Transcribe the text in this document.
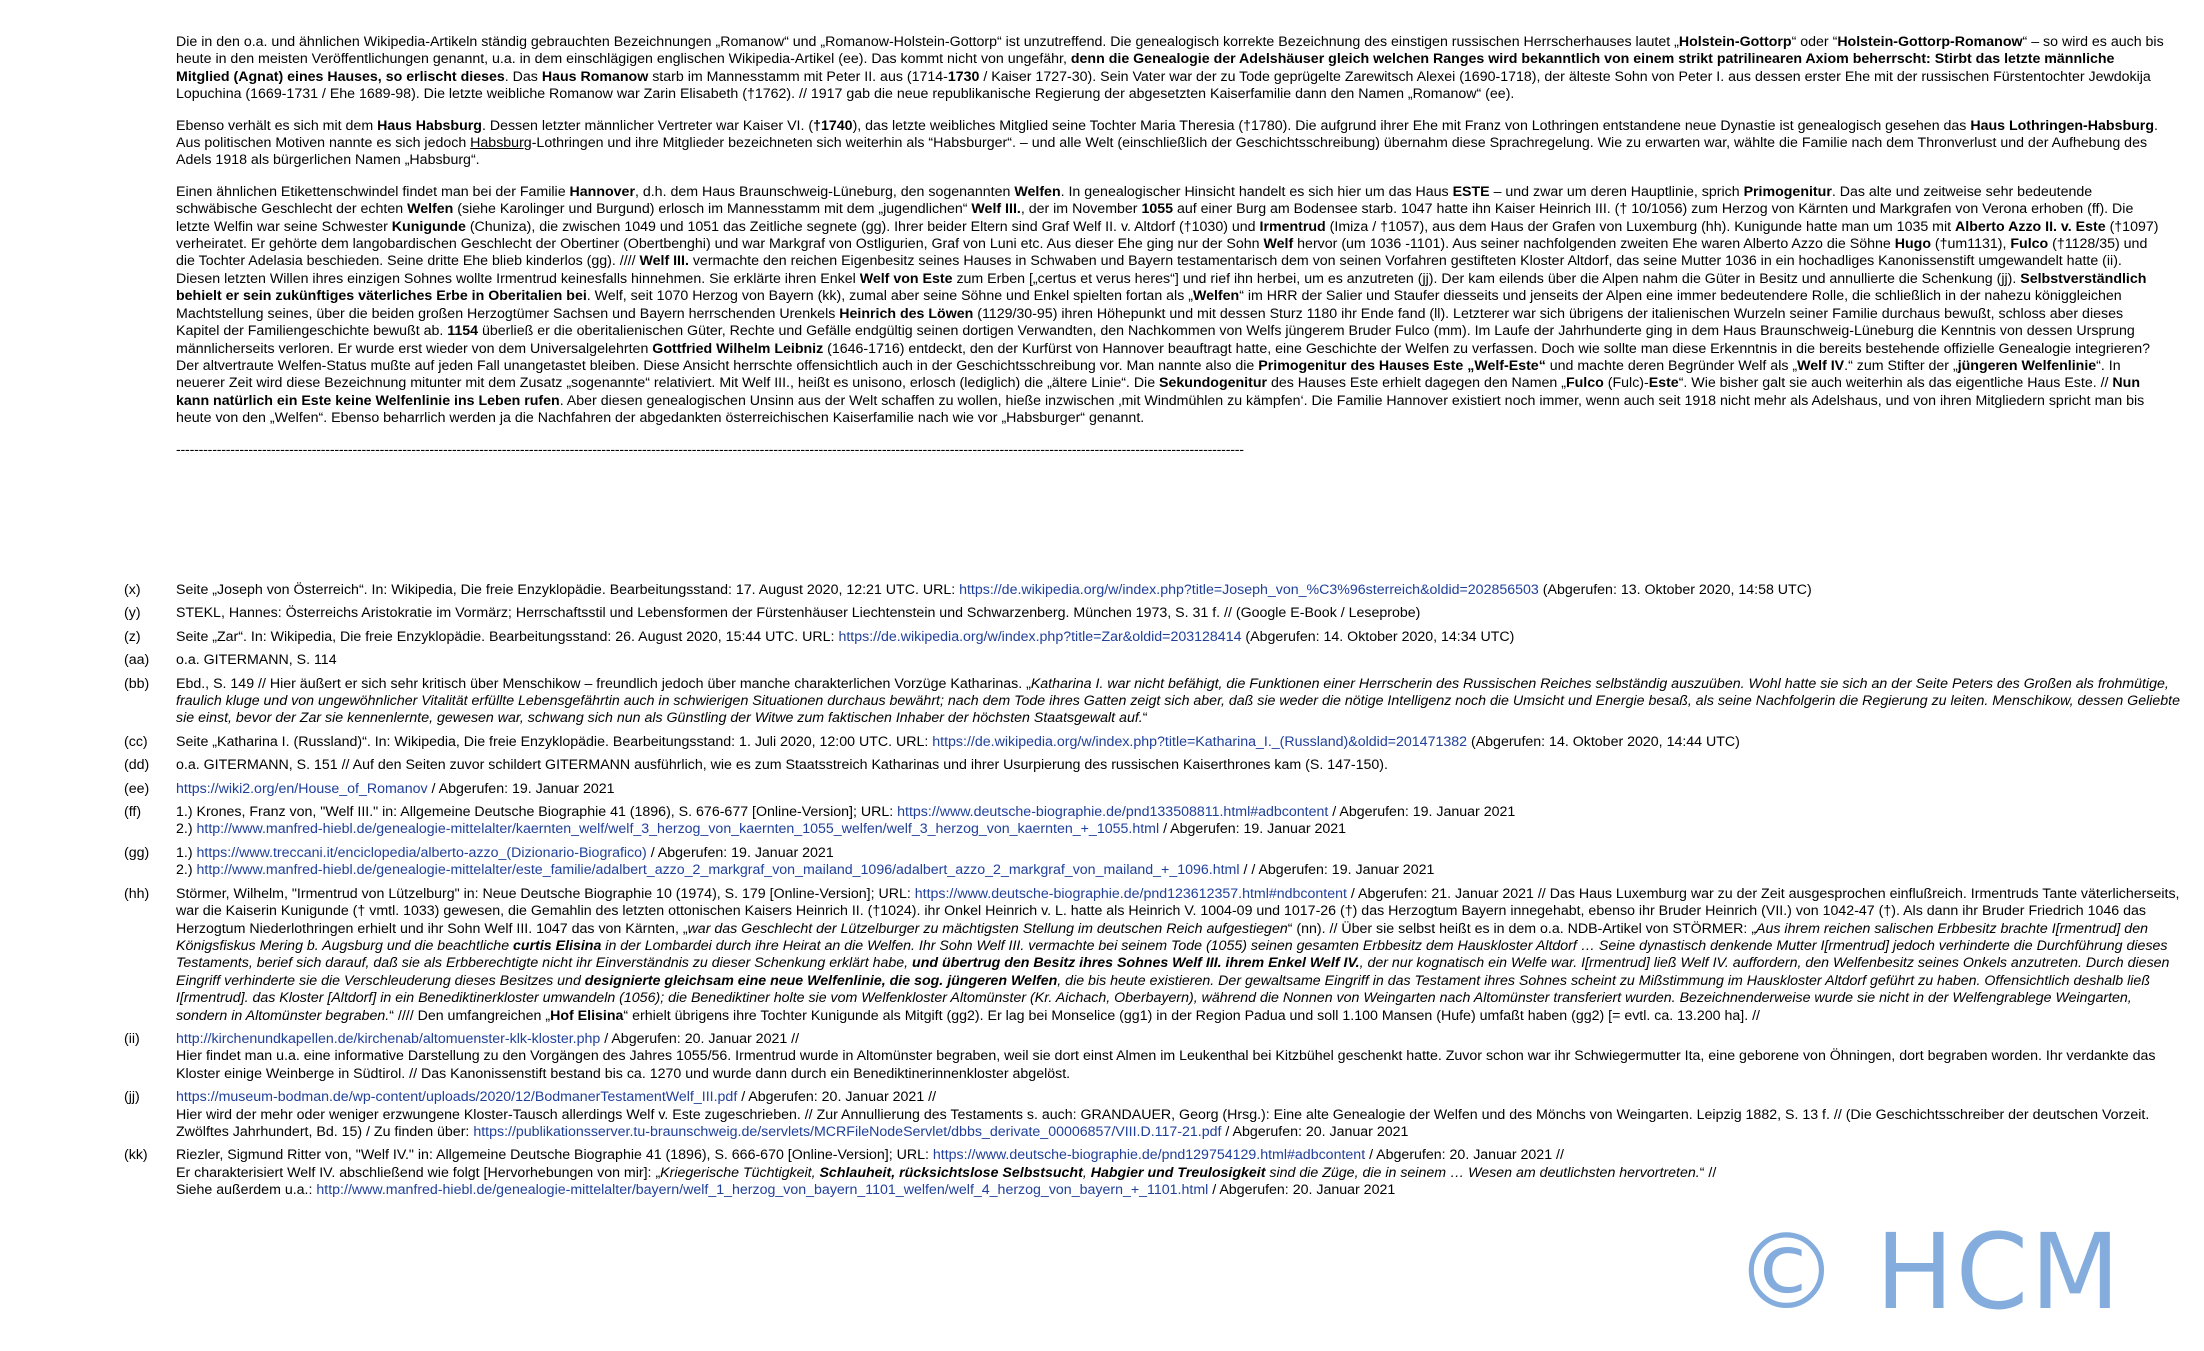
Die in den o.a. und ähnlichen Wikipedia-Artikeln ständig gebrauchten Bezeichnungen „Romanow“ und „Romanow-Holstein-Gottorp“ ist unzutreffend. Die genealogisch korrekte Bezeichnung des einstigen russischen Herrscherhauses lautet „Holstein-Gottorp“ oder “Holstein-Gottorp-Romanow“ – so wird es auch bis heute in den meisten Veröffentlichungen genannt, u.a. in dem einschlägigen englischen Wikipedia-Artikel (ee). Das kommt nicht von ungefähr, denn die Genealogie der Adelshäuser gleich welchen Ranges wird bekanntlich von einem strikt patrilinearen Axiom beherrscht: Stirbt das letzte männliche Mitglied (Agnat) eines Hauses, so erlischt dieses. Das Haus Romanow starb im Mannesstamm mit Peter II. aus (1714-1730 / Kaiser 1727-30). Sein Vater war der zu Tode geprügelte Zarewitsch Alexei (1690-1718), der älteste Sohn von Peter I. aus dessen erster Ehe mit der russischen Fürstentochter Jewdokija Lopuchina (1669-1731 / Ehe 1689-98). Die letzte weibliche Romanow war Zarin Elisabeth (†1762). // 1917 gab die neue republikanische Regierung der abgesetzten Kaiserfamilie dann den Namen „Romanow“ (ee).
Ebenso verhält es sich mit dem Haus Habsburg. Dessen letzter männlicher Vertreter war Kaiser VI. (†1740), das letzte weibliches Mitglied seine Tochter Maria Theresia (†1780). Die aufgrund ihrer Ehe mit Franz von Lothringen entstandene neue Dynastie ist genealogisch gesehen das Haus Lothringen-Habsburg. Aus politischen Motiven nannte es sich jedoch Habsburg-Lothringen und ihre Mitglieder bezeichneten sich weiterhin als “Habsburger“. – und alle Welt (einschließlich der Geschichtsschreibung) übernahm diese Sprachregelung. Wie zu erwarten war, wählte die Familie nach dem Thronverlust und der Aufhebung des Adels 1918 als bürgerlichen Namen „Habsburg“.
Einen ähnlichen Etikettenschwindel findet man bei der Familie Hannover, d.h. dem Haus Braunschweig-Lüneburg, den sogenannten Welfen. In genealogischer Hinsicht handelt es sich hier um das Haus ESTE – und zwar um deren Hauptlinie, sprich Primogenitur. Das alte und zeitweise sehr bedeutende schwäbische Geschlecht der echten Welfen (siehe Karolinger und Burgund) erlosch im Mannesstamm mit dem „jugendlichen“ Welf III., der im November 1055 auf einer Burg am Bodensee starb. 1047 hatte ihn Kaiser Heinrich III. († 10/1056) zum Herzog von Kärnten und Markgrafen von Verona erhoben (ff). Die letzte Welfin war seine Schwester Kunigunde (Chuniza), die zwischen 1049 und 1051 das Zeitliche segnete (gg). Ihrer beider Eltern sind Graf Welf II. v. Altdorf (†1030) und Irmentrud (Imiza / †1057), aus dem Haus der Grafen von Luxemburg (hh). Kunigunde hatte man um 1035 mit Alberto Azzo II. v. Este (†1097) verheiratet. Er gehörte dem langobardischen Geschlecht der Obertiner (Obertbenghi) und war Markgraf von Ostligurien, Graf von Luni etc. Aus dieser Ehe ging nur der Sohn Welf hervor (um 1036 -1101). Aus seiner nachfolgenden zweiten Ehe waren Alberto Azzo die Söhne Hugo (†um1131), Fulco (†1128/35) und die Tochter Adelasia beschieden. Seine dritte Ehe blieb kinderlos (gg). //// Welf III. vermachte den reichen Eigenbesitz seines Hauses in Schwaben und Bayern testamentarisch dem von seinen Vorfahren gestifteten Kloster Altdorf, das seine Mutter 1036 in ein hochadliges Kanonissenstift umgewandelt hatte (ii). Diesen letzten Willen ihres einzigen Sohnes wollte Irmentrud keinesfalls hinnehmen. Sie erklärte ihren Enkel Welf von Este zum Erben [„certus et verus heres“] und rief ihn herbei, um es anzutreten (jj). Der kam eilends über die Alpen nahm die Güter in Besitz und annullierte die Schenkung (jj). Selbstverständlich behielt er sein zukünftiges väterliches Erbe in Oberitalien bei. Welf, seit 1070 Herzog von Bayern (kk), zumal aber seine Söhne und Enkel spielten fortan als „Welfen“ im HRR der Salier und Staufer diesseits und jenseits der Alpen eine immer bedeutendere Rolle, die schließlich in der nahezu königgleichen Machtstellung seines, über die beiden großen Herzogtümer Sachsen und Bayern herrschenden Urenkels Heinrich des Löwen (1129/30-95) ihren Höhepunkt und mit dessen Sturz 1180 ihr Ende fand (ll). Letzterer war sich übrigens der italienischen Wurzeln seiner Familie durchaus bewußt, schloss aber dieses Kapitel der Familiengeschichte bewußt ab. 1154 überließ er die oberitalienischen Güter, Rechte und Gefälle endgültig seinen dortigen Verwandten, den Nachkommen von Welfs jüngerem Bruder Fulco (mm). Im Laufe der Jahrhunderte ging in dem Haus Braunschweig-Lüneburg die Kenntnis von dessen Ursprung männlicherseits verloren. Er wurde erst wieder von dem Universalgelehrten Gottfried Wilhelm Leibniz (1646-1716) entdeckt, den der Kurfürst von Hannover beauftragt hatte, eine Geschichte der Welfen zu verfassen. Doch wie sollte man diese Erkenntnis in die bereits bestehende offizielle Genealogie integrieren? Der altvertraute Welfen-Status mußte auf jeden Fall unangetastet bleiben. Diese Ansicht herrschte offensichtlich auch in der Geschichtsschreibung vor. Man nannte also die Primogenitur des Hauses Este „Welf-Este“ und machte deren Begründer Welf als „Welf IV.“ zum Stifter der „jüngeren Welfenlinie“. In neuerer Zeit wird diese Bezeichnung mitunter mit dem Zusatz „sogenannte“ relativiert. Mit Welf III., heißt es unisono, erlosch (lediglich) die „ältere Linie“. Die Sekundogenitur des Hauses Este erhielt dagegen den Namen „Fulco (Fulc)-Este“. Wie bisher galt sie auch weiterhin als das eigentliche Haus Este. // Nun kann natürlich ein Este keine Welfenlinie ins Leben rufen. Aber diesen genealogischen Unsinn aus der Welt schaffen zu wollen, hieße inzwischen ‚mit Windmühlen zu kämpfen‘. Die Familie Hannover existiert noch immer, wenn auch seit 1918 nicht mehr als Adelshaus, und von ihren Mitgliedern spricht man bis heute von den „Welfen“. Ebenso beharrlich werden ja die Nachfahren der abgedankten österreichischen Kaiserfamilie nach wie vor „Habsburger“ genannt.
--------------------------------------------------------------------------------------------------------------------------------------------------------------------------------------------------------------------------------------------
(x)	Seite „Joseph von Österreich“. In: Wikipedia, Die freie Enzyklopädie. Bearbeitungsstand: 17. August 2020, 12:21 UTC. URL: https://de.wikipedia.org/w/index.php?title=Joseph_von_%C3%96sterreich&oldid=202856503 (Abgerufen: 13. Oktober 2020, 14:58 UTC)
(y)	STEKL, Hannes: Österreichs Aristokratie im Vormärz; Herrschaftsstil und Lebensformen der Fürstenhäuser Liechtenstein und Schwarzenberg. München 1973, S. 31 f. // (Google E-Book / Leseprobe)
(z)	Seite „Zar“. In: Wikipedia, Die freie Enzyklopädie. Bearbeitungsstand: 26. August 2020, 15:44 UTC. URL: https://de.wikipedia.org/w/index.php?title=Zar&oldid=203128414 (Abgerufen: 14. Oktober 2020, 14:34 UTC)
(aa)	o.a. GITERMANN, S. 114
(bb)	Ebd., S. 149 // Hier äußert er sich sehr kritisch über Menschikow – freundlich jedoch über manche charakterlichen Vorzüge Katharinas. „Katharina I. war nicht befähigt, die Funktionen einer Herrscherin des Russischen Reiches selbständig auszuüben. Wohl hatte sie sich an der Seite Peters des Großen als frohmütige, fraulich kluge und von ungewöhnlicher Vitalität erfüllte Lebensgefährtin auch in schwierigen Situationen durchaus bewährt; nach dem Tode ihres Gatten zeigt sich aber, daß sie weder die nötige Intelligenz noch die Umsicht und Energie besaß, als seine Nachfolgerin die Regierung zu leiten. Menschikow, dessen Geliebte sie einst, bevor der Zar sie kennenlernte, gewesen war, schwang sich nun als Günstling der Witwe zum faktischen Inhaber der höchsten Staatsgewalt auf.“
(cc)	Seite „Katharina I. (Russland)“. In: Wikipedia, Die freie Enzyklopädie. Bearbeitungsstand: 1. Juli 2020, 12:00 UTC. URL: https://de.wikipedia.org/w/index.php?title=Katharina_I._(Russland)&oldid=201471382 (Abgerufen: 14. Oktober 2020, 14:44 UTC)
(dd)	o.a. GITERMANN, S. 151 // Auf den Seiten zuvor schildert GITERMANN ausführlich, wie es zum Staatsstreich Katharinas und ihrer Usurpierung des russischen Kaiserthrones kam (S. 147-150).
(ee)	https://wiki2.org/en/House_of_Romanov / Abgerufen: 19. Januar 2021
(ff)	1.) Krones, Franz von, "Welf III." in: Allgemeine Deutsche Biographie 41 (1896), S. 676-677 [Online-Version]; URL: https://www.deutsche-biographie.de/pnd133508811.html#adbcontent / Abgerufen: 19. Januar 2021
2.) http://www.manfred-hiebl.de/genealogie-mittelalter/kaernten_welf/welf_3_herzog_von_kaernten_1055_welfen/welf_3_herzog_von_kaernten_+_1055.html / Abgerufen: 19. Januar 2021
(gg)	1.) https://www.treccani.it/enciclopedia/alberto-azzo_(Dizionario-Biografico) / Abgerufen: 19. Januar 2021
2.) http://www.manfred-hiebl.de/genealogie-mittelalter/este_familie/adalbert_azzo_2_markgraf_von_mailand_1096/adalbert_azzo_2_markgraf_von_mailand_+_1096.html / / Abgerufen: 19. Januar 2021
(hh)	Störmer, Wilhelm, "Irmentrud von Lützelburg" in: Neue Deutsche Biographie 10 (1974), S. 179 [Online-Version]; URL: https://www.deutsche-biographie.de/pnd123612357.html#ndbcontent / Abgerufen: 21. Januar 2021 // Das Haus Luxemburg war zu der Zeit ausgesprochen einflußreich. Irmentruds Tante väterlicherseits, war die Kaiserin Kunigunde († vmtl. 1033) gewesen, die Gemahlin des letzten ottonischen Kaisers Heinrich II. (†1024). ihr Onkel Heinrich v. L. hatte als Heinrich V. 1004-09 und 1017-26 (†) das Herzogtum Bayern innegehabt, ebenso ihr Bruder Heinrich (VII.) von 1042-47 (†). Als dann ihr Bruder Friedrich 1046 das Herzogtum Niederlothringen erhielt und ihr Sohn Welf III. 1047 das von Kärnten, „war das Geschlecht der Lützelburger zu mächtigsten Stellung im deutschen Reich aufgestiegen“ (nn). // Über sie selbst heißt es in dem o.a. NDB-Artikel von STÖRMER: „Aus ihrem reichen salischen Erbbesitz brachte I[rmentrud] den Königsfiskus Mering b. Augsburg und die beachtliche curtis Elisina in der Lombardei durch ihre Heirat an die Welfen. Ihr Sohn Welf III. vermachte bei seinem Tode (1055) seinen gesamten Erbbesitz dem Hauskloster Altdorf … Seine dynastisch denkende Mutter I[rmentrud] jedoch verhinderte die Durchführung dieses Testaments, berief sich darauf, daß sie als Erbberechtigte nicht ihr Einverständnis zu dieser Schenkung erklärt habe, und übertrug den Besitz ihres Sohnes Welf III. ihrem Enkel Welf IV., der nur kognatisch ein Welfe war. I[rmentrud] ließ Welf IV. auffordern, den Welfenbesitz seines Onkels anzutreten. Durch diesen Eingriff verhinderte sie die Verschleuderung dieses Besitzes und designierte gleichsam eine neue Welfenlinie, die sog. jüngeren Welfen, die bis heute existieren. Der gewaltsame Eingriff in das Testament ihres Sohnes scheint zu Mißstimmung im Hauskloster Altdorf geführt zu haben. Offensichtlich deshalb ließ I[rmentrud]. das Kloster [Altdorf] in ein Benediktinerkloster umwandeln (1056); die Benediktiner holte sie vom Welfenkloster Altomünster (Kr. Aichach, Oberbayern), während die Nonnen von Weingarten nach Altomünster transferiert wurden. Bezeichnenderweise wurde sie nicht in der Welfengrablege Weingarten, sondern in Altomünster begraben.“ //// Den umfangreichen „Hof Elisina“ erhielt übrigens ihre Tochter Kunigunde als Mitgift (gg2). Er lag bei Monselice (gg1) in der Region Padua und soll 1.100 Mansen (Hufe) umfaßt haben (gg2) [= evtl. ca. 13.200 ha]. //
(ii)	http://kirchenundkapellen.de/kirchenab/altomuenster-klk-kloster.php / Abgerufen: 20. Januar 2021 //
Hier findet man u.a. eine informative Darstellung zu den Vorgängen des Jahres 1055/56. Irmentrud wurde in Altomünster begraben, weil sie dort einst Almen im Leukenthal bei Kitzbühel geschenkt hatte. Zuvor schon war ihr Schwiegermutter Ita, eine geborene von Öhningen, dort begraben worden. Ihr verdankte das Kloster einige Weinberge in Südtirol. // Das Kanonissenstift bestand bis ca. 1270 und wurde dann durch ein Benediktinerinnenkloster abgelöst.
(jj)	https://museum-bodman.de/wp-content/uploads/2020/12/BodmanerTestamentWelf_III.pdf / Abgerufen: 20. Januar 2021 //
Hier wird der mehr oder weniger erzwungene Kloster-Tausch allerdings Welf v. Este zugeschrieben. // Zur Annullierung des Testaments s. auch: GRANDAUER, Georg (Hrsg.): Eine alte Genealogie der Welfen und des Mönchs von Weingarten. Leipzig 1882, S. 13 f. // (Die Geschichtsschreiber der deutschen Vorzeit. Zwölftes Jahrhundert, Bd. 15) / Zu finden über: https://publikationsserver.tu-braunschweig.de/servlets/MCRFileNodeServlet/dbbs_derivate_00006857/VIII.D.117-21.pdf / Abgerufen: 20. Januar 2021
(kk)	Riezler, Sigmund Ritter von, "Welf IV." in: Allgemeine Deutsche Biographie 41 (1896), S. 666-670 [Online-Version]; URL: https://www.deutsche-biographie.de/pnd129754129.html#adbcontent / Abgerufen: 20. Januar 2021 //
Er charakterisiert Welf IV. abschließend wie folgt [Hervorhebungen von mir]: „Kriegerische Tüchtigkeit, Schlauheit, rücksichtslose Selbstsucht, Habgier und Treulosigkeit sind die Züge, die in seinem … Wesen am deutlichsten hervortreten.“ //
Siehe außerdem u.a.: http://www.manfred-hiebl.de/genealogie-mittelalter/bayern/welf_1_herzog_von_bayern_1101_welfen/welf_4_herzog_von_bayern_+_1101.html / Abgerufen: 20. Januar 2021
© HCM
